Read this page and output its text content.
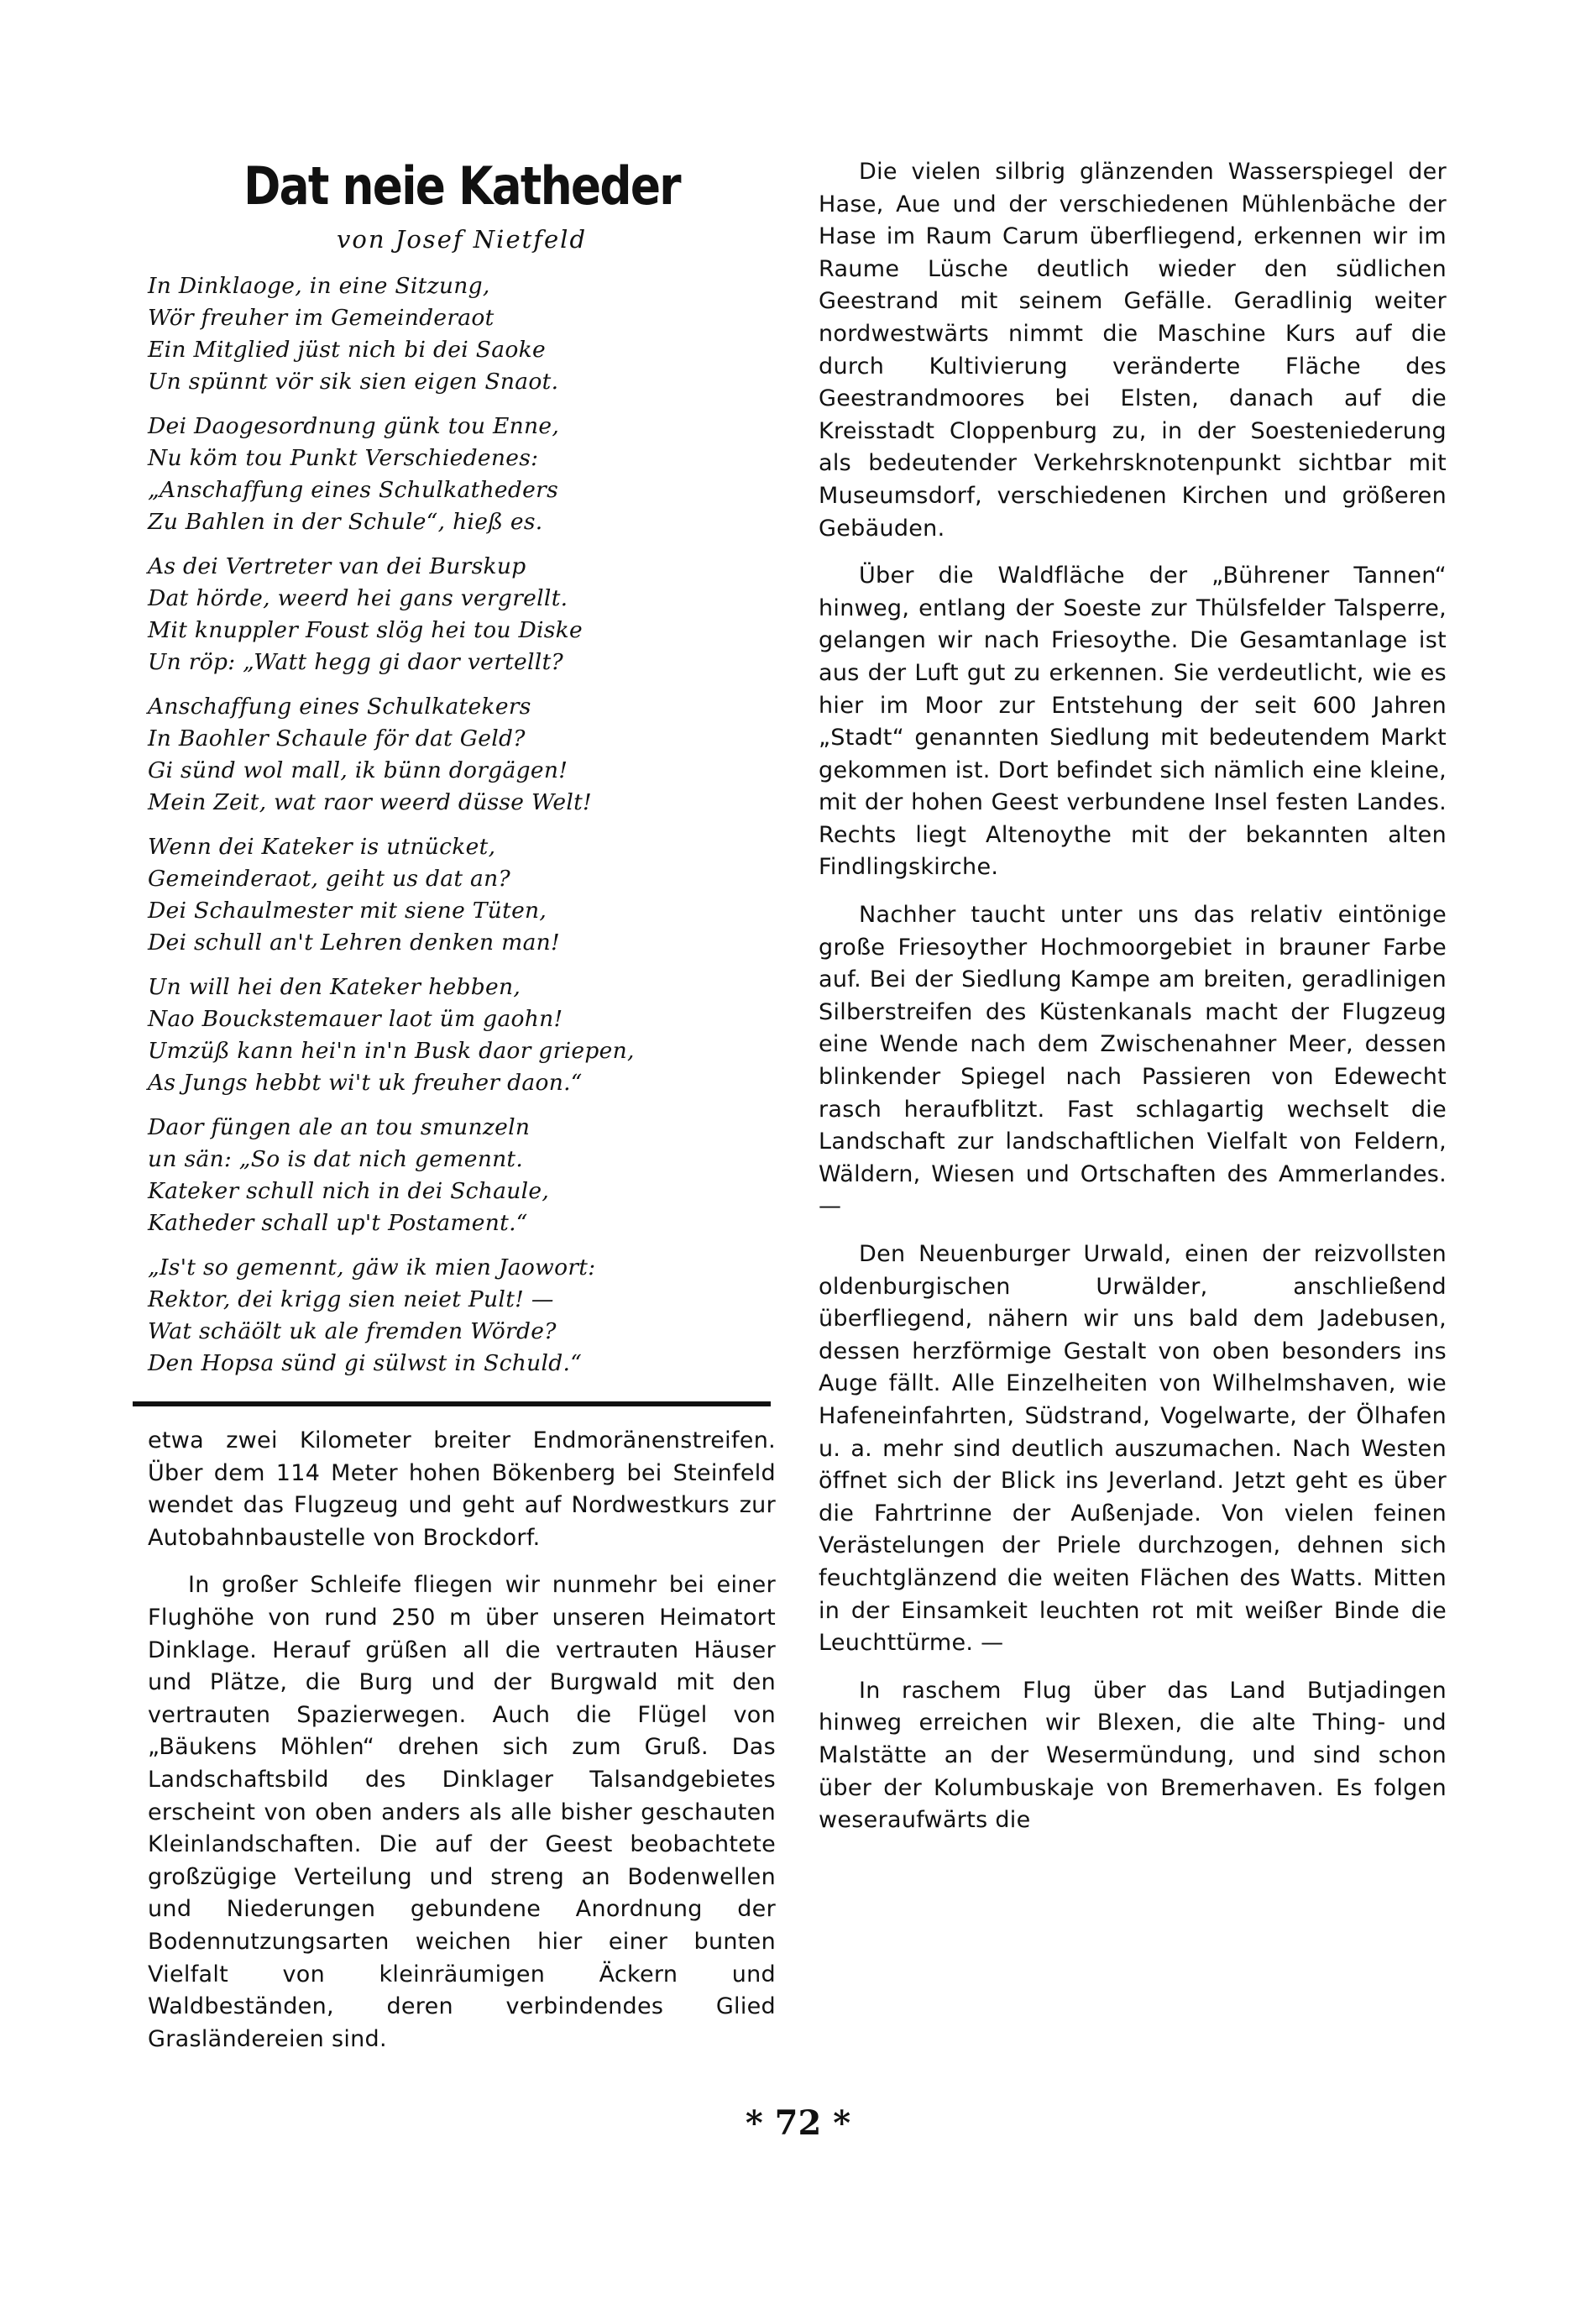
Dat neie Katheder
von Josef Nietfeld
In Dinklaoge, in eine Sitzung,
Wör freuher im Gemeinderaot
Ein Mitglied jüst nich bi dei Saoke
Un spünnt vör sik sien eigen Snaot.
Dei Daogesordnung günk tou Enne,
Nu köm tou Punkt Verschiedenes:
„Anschaffung eines Schulkatheders
Zu Bahlen in der Schule“, hieß es.
As dei Vertreter van dei Burskup
Dat hörde, weerd hei gans vergrellt.
Mit knuppler Foust slög hei tou Diske
Un röp: „Watt hegg gi daor vertellt?
Anschaffung eines Schulkatekers
In Baohler Schaule för dat Geld?
Gi sünd wol mall, ik bünn dorgägen!
Mein Zeit, wat raor weerd düsse Welt!
Wenn dei Kateker is utnücket,
Gemeinderaot, geiht us dat an?
Dei Schaulmester mit siene Tüten,
Dei schull an't Lehren denken man!
Un will hei den Kateker hebben,
Nao Bouckstemauer laot üm gaohn!
Umzüß kann hei'n in'n Busk daor griepen,
As Jungs hebbt wi't uk freuher daon.“
Daor füngen ale an tou smunzeln
un sän: „So is dat nich gemennt.
Kateker schull nich in dei Schaule,
Katheder schall up't Postament.“
„Is't so gemennt, gäw ik mien Jaowort:
Rektor, dei krigg sien neiet Pult! —
Wat schäölt uk ale fremden Wörde?
Den Hopsa sünd gi sülwst in Schuld.“

etwa zwei Kilometer breiter Endmoränenstreifen. Über dem 114 Meter hohen Bökenberg bei Steinfeld wendet das Flugzeug und geht auf Nordwestkurs zur Autobahnbaustelle von Brockdorf.

In großer Schleife fliegen wir nunmehr bei einer Flughöhe von rund 250 m über unseren Heimatort Dinklage. Herauf grüßen all die vertrauten Häuser und Plätze, die Burg und der Burgwald mit den vertrauten Spazierwegen. Auch die Flügel von „Bäukens Möhlen“ drehen sich zum Gruß. Das Landschaftsbild des Dinklager Talsandgebietes erscheint von oben anders als alle bisher geschauten Kleinlandschaften. Die auf der Geest beobachtete großzügige Verteilung und streng an Bodenwellen und Niederungen gebundene Anordnung der Bodennutzungsarten weichen hier einer bunten Vielfalt von kleinräumigen Äckern und Waldbeständen, deren verbindendes Glied Grasländereien sind.

Die vielen silbrig glänzenden Wasserspiegel der Hase, Aue und der verschiedenen Mühlenbäche der Hase im Raum Carum überfliegend, erkennen wir im Raume Lüsche deutlich wieder den südlichen Geestrand mit seinem Gefälle. Geradlinig weiter nordwestwärts nimmt die Maschine Kurs auf die durch Kultivierung veränderte Fläche des Geestrandmoores bei Elsten, danach auf die Kreisstadt Cloppenburg zu, in der Soesteniederung als bedeutender Verkehrsknotenpunkt sichtbar mit Museumsdorf, verschiedenen Kirchen und größeren Gebäuden.

Über die Waldfläche der „Bührener Tannen“ hinweg, entlang der Soeste zur Thülsfelder Talsperre, gelangen wir nach Friesoythe. Die Gesamtanlage ist aus der Luft gut zu erkennen. Sie verdeutlicht, wie es hier im Moor zur Entstehung der seit 600 Jahren „Stadt“ genannten Siedlung mit bedeutendem Markt gekommen ist. Dort befindet sich nämlich eine kleine, mit der hohen Geest verbundene Insel festen Landes. Rechts liegt Altenoythe mit der bekannten alten Findlingskirche.

Nachher taucht unter uns das relativ eintönige große Friesoyther Hochmoorgebiet in brauner Farbe auf. Bei der Siedlung Kampe am breiten, geradlinigen Silberstreifen des Küstenkanals macht der Flugzeug eine Wende nach dem Zwischenahner Meer, dessen blinkender Spiegel nach Passieren von Edewecht rasch heraufblitzt. Fast schlagartig wechselt die Landschaft zur landschaftlichen Vielfalt von Feldern, Wäldern, Wiesen und Ortschaften des Ammerlandes. —

Den Neuenburger Urwald, einen der reizvollsten oldenburgischen Urwälder, anschließend überfliegend, nähern wir uns bald dem Jadebusen, dessen herzförmige Gestalt von oben besonders ins Auge fällt. Alle Einzelheiten von Wilhelmshaven, wie Hafeneinfahrten, Südstrand, Vogelwarte, der Ölhafen u. a. mehr sind deutlich auszumachen. Nach Westen öffnet sich der Blick ins Jeverland. Jetzt geht es über die Fahrtrinne der Außenjade. Von vielen feinen Verästelungen der Priele durchzogen, dehnen sich feuchtglänzend die weiten Flächen des Watts. Mitten in der Einsamkeit leuchten rot mit weißer Binde die Leuchttürme. —

In raschem Flug über das Land Butjadingen hinweg erreichen wir Blexen, die alte Thing- und Malstätte an der Wesermündung, und sind schon über der Kolumbuskaje von Bremerhaven. Es folgen weseraufwärts die

* 72 *
